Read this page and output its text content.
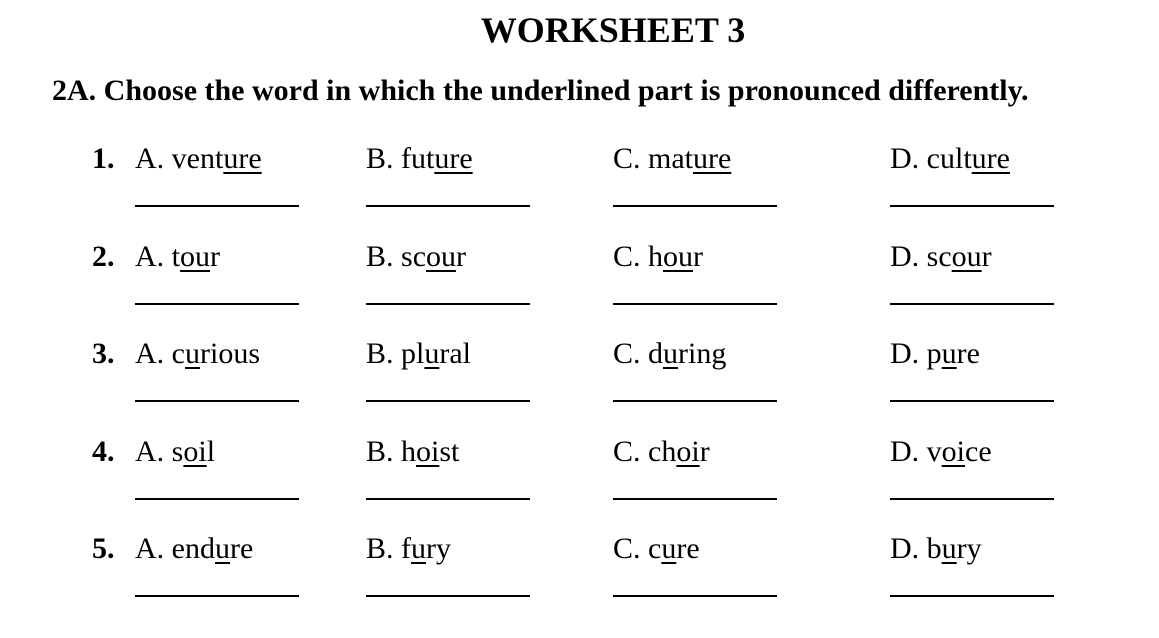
WORKSHEET 3
2A. Choose the word in which the underlined part is pronounced differently.
1. A. venture	B. future	C. mature	D. culture
2. A. tour	B. scour	C. hour	D. scour
3. A. curious	B. plural	C. during	D. pure
4. A. soil	B. hoist	C. choir	D. voice
5. A. endure	B. fury	C. cure	D. bury
